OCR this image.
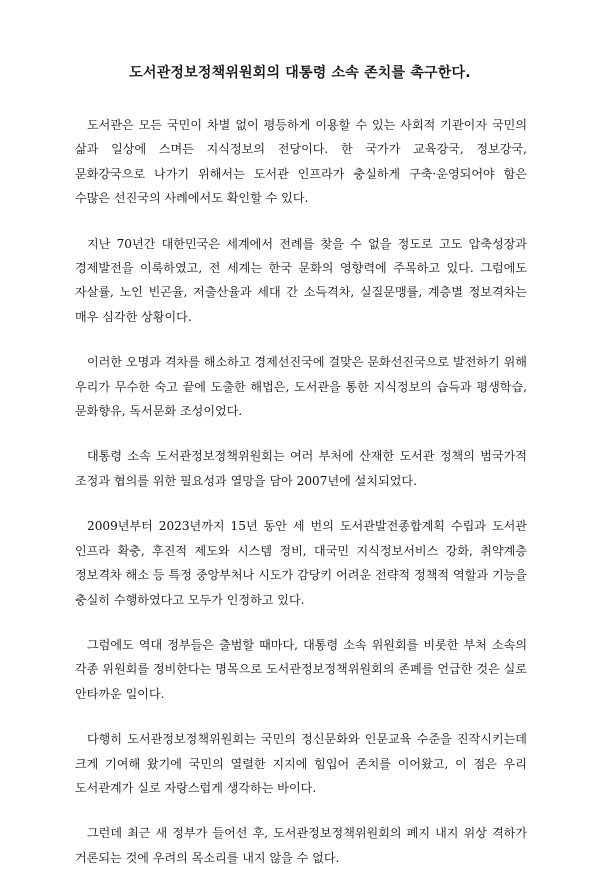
도서관정보정책위원회의 대통령 소속 존치를 촉구한다.

도서관은 모든 국민이 차별 없이 평등하게 이용할 수 있는 사회적 기관이자 국민의 삶과 일상에 스며든 지식정보의 전당이다. 한 국가가 교육강국, 정보강국, 문화강국으로 나가기 위해서는 도서관 인프라가 충실하게 구축·운영되어야 함은 수많은 선진국의 사례에서도 확인할 수 있다.

지난 70년간 대한민국은 세계에서 전례를 찾을 수 없을 정도로 고도 압축성장과 경제발전을 이룩하였고, 전 세계는 한국 문화의 영향력에 주목하고 있다. 그럼에도 자살률, 노인 빈곤율, 저출산율과 세대 간 소득격차, 실질문맹률, 계층별 정보격차는 매우 심각한 상황이다.

이러한 오명과 격차를 해소하고 경제선진국에 걸맞은 문화선진국으로 발전하기 위해 우리가 무수한 숙고 끝에 도출한 해법은, 도서관을 통한 지식정보의 습득과 평생학습, 문화향유, 독서문화 조성이었다.

대통령 소속 도서관정보정책위원회는 여러 부처에 산재한 도서관 정책의 범국가적 조정과 협의를 위한 필요성과 열망을 담아 2007년에 설치되었다.

2009년부터 2023년까지 15년 동안 세 번의 도서관발전종합계획 수립과 도서관 인프라 확충, 후진적 제도와 시스템 정비, 대국민 지식정보서비스 강화, 취약계층 정보격차 해소 등 특정 중앙부처나 시도가 감당키 어려운 전략적 정책적 역할과 기능을 충실히 수행하였다고 모두가 인정하고 있다.

그럼에도 역대 정부들은 출범할 때마다, 대통령 소속 위원회를 비롯한 부처 소속의 각종 위원회를 정비한다는 명목으로 도서관정보정책위원회의 존폐를 언급한 것은 실로 안타까운 일이다.

다행히 도서관정보정책위원회는 국민의 정신문화와 인문교육 수준을 진작시키는데 크게 기여해 왔기에 국민의 열렬한 지지에 힘입어 존치를 이어왔고, 이 점은 우리 도서관계가 실로 자랑스럽게 생각하는 바이다.

그런데 최근 새 정부가 들어선 후, 도서관정보정책위원회의 폐지 내지 위상 격하가 거론되는 것에 우려의 목소리를 내지 않을 수 없다.
